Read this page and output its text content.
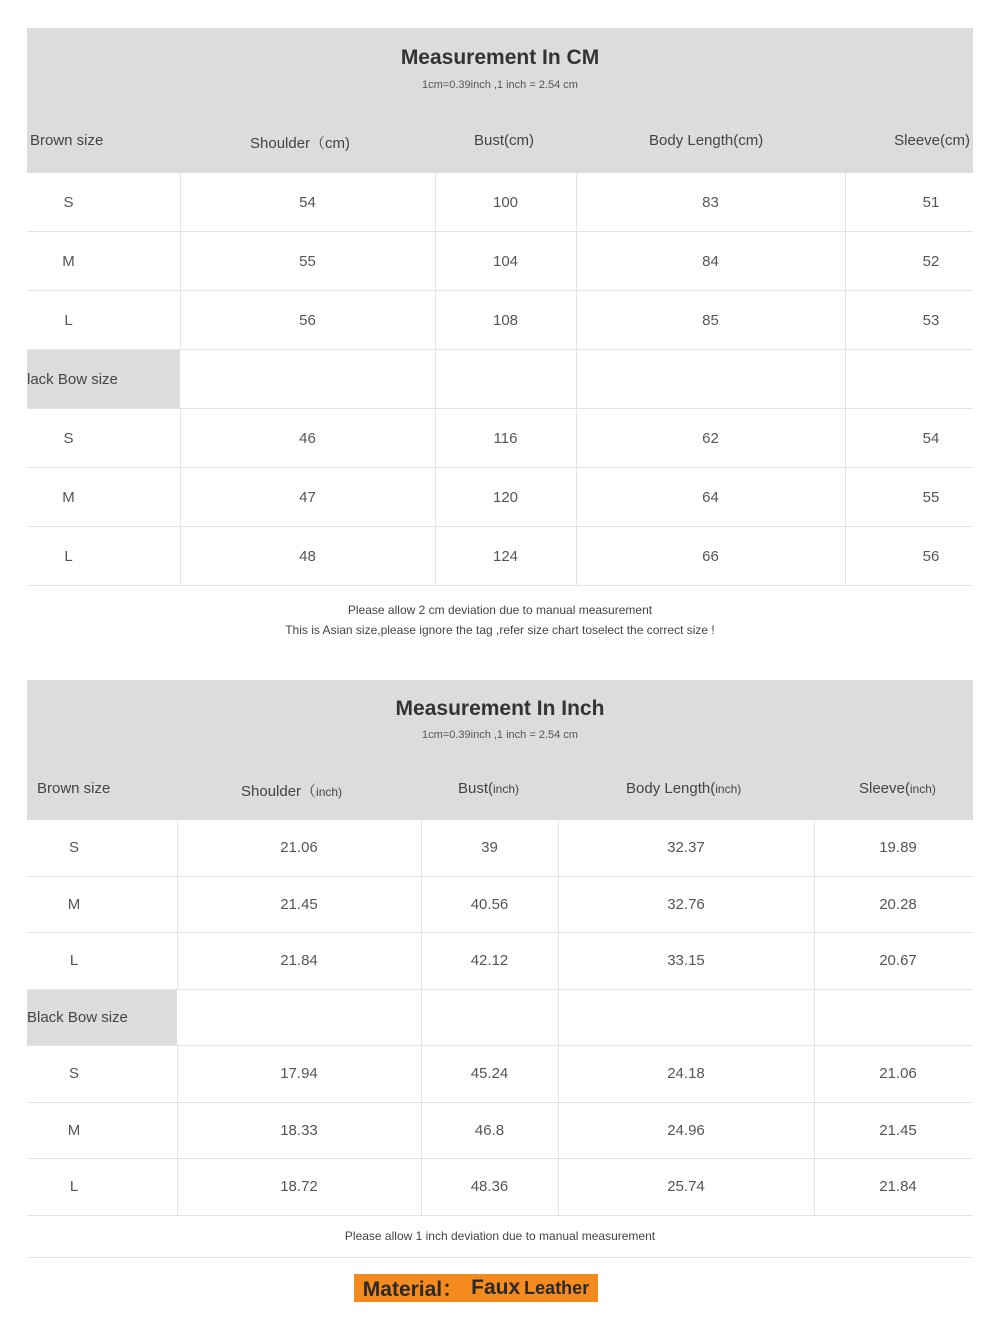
Measurement In CM
1cm=0.39inch ,1 inch = 2.54 cm
Brown size	Shoulder（cm)	Bust(cm)	Body Length(cm)	Sleeve(cm)
S	54	100	83	51
M	55	104	84	52
L	56	108	85	53
lack Bow size
S	46	116	62	54
M	47	120	64	55
L	48	124	66	56
Please allow 2 cm deviation due to manual measurement
This is Asian size,please ignore the tag ,refer size chart toselect the correct size !
Measurement In Inch
1cm=0.39inch ,1 inch = 2.54 cm
Brown size	Shoulder（inch)	Bust(inch)	Body Length(inch)	Sleeve(inch)
S	21.06	39	32.37	19.89
M	21.45	40.56	32.76	20.28
L	21.84	42.12	33.15	20.67
Black Bow size
S	17.94	45.24	24.18	21.06
M	18.33	46.8	24.96	21.45
L	18.72	48.36	25.74	21.84
Please allow 1 inch deviation due to manual measurement
Material： Faux Leather
